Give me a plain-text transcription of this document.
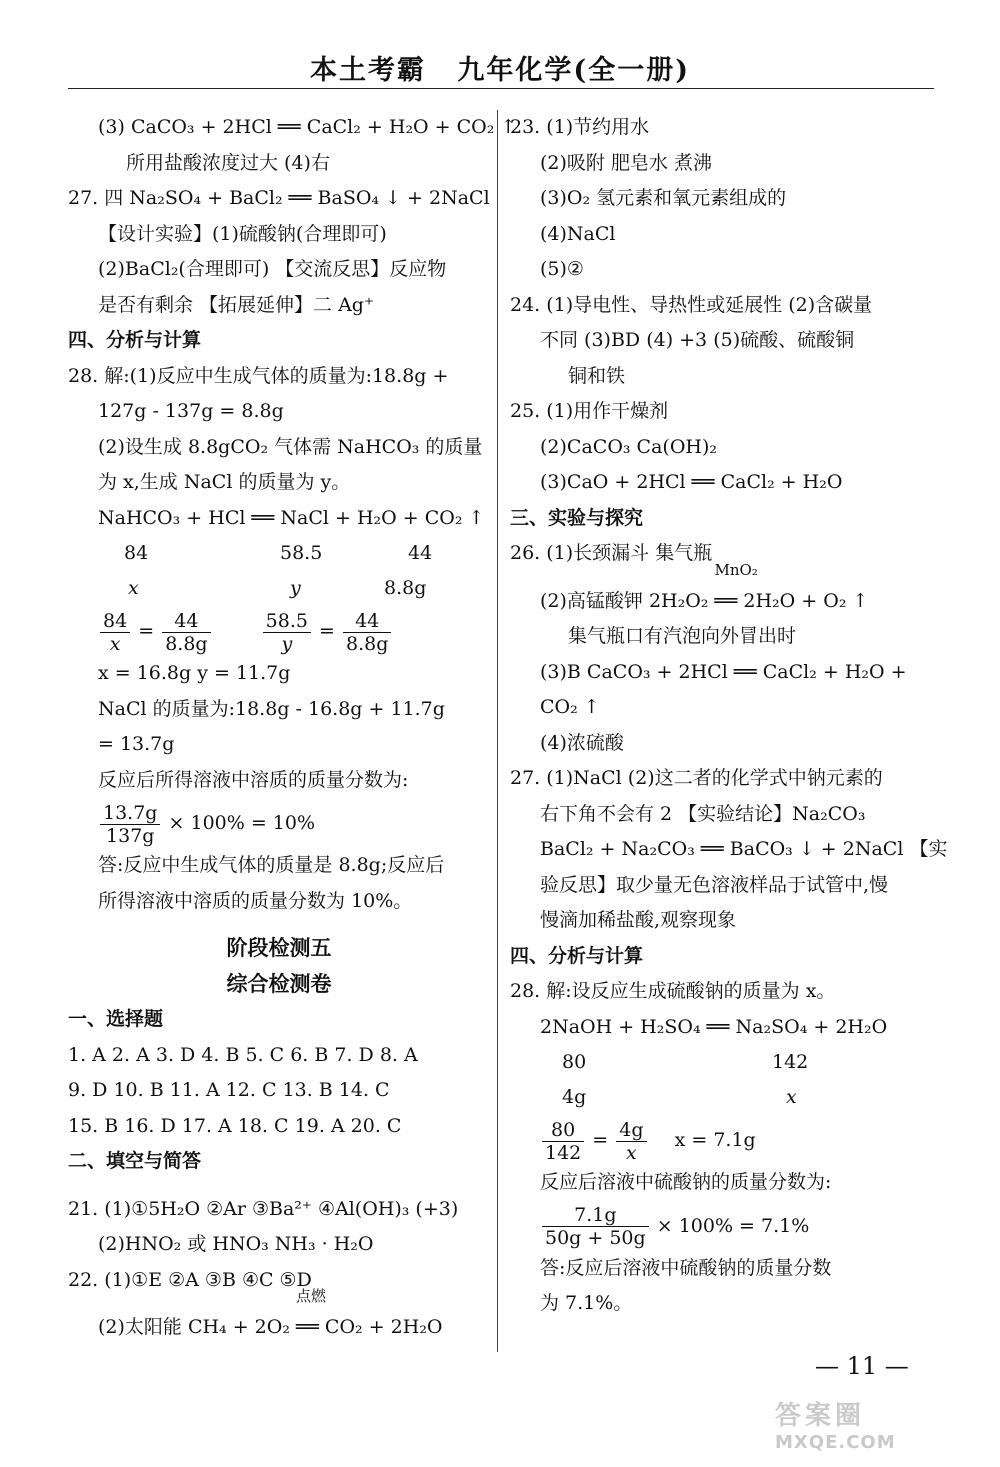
本土考霸 九年化学(全一册)
(3) CaCO₃ + 2HCl ══ CaCl₂ + H₂O + CO₂ ↑
所用盐酸浓度过大 (4)右
27. 四 Na₂SO₄ + BaCl₂ ══ BaSO₄ ↓ + 2NaCl
【设计实验】(1)硫酸钠(合理即可)
(2)BaCl₂(合理即可) 【交流反思】反应物
是否有剩余 【拓展延伸】二 Ag⁺
四、分析与计算
28. 解:(1)反应中生成气体的质量为:18.8g +
127g - 137g = 8.8g
(2)设生成 8.8gCO₂ 气体需 NaHCO₃ 的质量
为 x,生成 NaCl 的质量为 y。
NaHCO₃ + HCl ══ NaCl + H₂O + CO₂ ↑
84	58.5	44
x	y	8.8g
$\frac{84}{x} = \frac{44}{8.8g}$
	$\frac{58.5}{y} = \frac{44}{8.8g}$
x = 16.8g y = 11.7g
NaCl 的质量为:18.8g - 16.8g + 11.7g
= 13.7g
反应后所得溶液中溶质的质量分数为:
$\frac{13.7g}{137g} \times 100\% = 10\%$
答:反应中生成气体的质量是 8.8g;反应后
所得溶液中溶质的质量分数为 10%。
阶段检测五
综合检测卷
一、选择题
1. A 2. A 3. D 4. B 5. C 6. B 7. D 8. A
9. D 10. B 11. A 12. C 13. B 14. C
15. B 16. D 17. A 18. C 19. A 20. C
二、填空与简答
21. (1)①5H₂O ②Ar ③Ba²⁺ ④Al(OH)₃ (+3)
(2)HNO₂ 或 HNO₃ NH₃ · H₂O
22. (1)①E ②A ③B ④C ⑤D
(2)太阳能 CH₄ + 2O₂
点燃
══ CO₂ + 2H₂O
23. (1)节约用水
(2)吸附 肥皂水 煮沸
(3)O₂ 氢元素和氧元素组成的
(4)NaCl
(5)②
24. (1)导电性、导热性或延展性 (2)含碳量
不同 (3)BD (4) +3 (5)硫酸、硫酸铜
铜和铁
25. (1)用作干燥剂
(2)CaCO₃ Ca(OH)₂
(3)CaO + 2HCl ══ CaCl₂ + H₂O
三、实验与探究
26. (1)长颈漏斗 集气瓶
(2)高锰酸钾 2H₂O₂
MnO₂
══ 2H₂O + O₂ ↑
集气瓶口有汽泡向外冒出时
(3)B CaCO₃ + 2HCl ══ CaCl₂ + H₂O +
CO₂ ↑
(4)浓硫酸
27. (1)NaCl (2)这二者的化学式中钠元素的
右下角不会有 2 【实验结论】Na₂CO₃
BaCl₂ + Na₂CO₃ ══ BaCO₃ ↓ + 2NaCl 【实
验反思】取少量无色溶液样品于试管中,慢
慢滴加稀盐酸,观察现象
四、分析与计算
28. 解:设反应生成硫酸钠的质量为 x。
2NaOH + H₂SO₄ ══ Na₂SO₄ + 2H₂O
80	142
4g	x
$\frac{80}{142} = \frac{4g}{x}$ x = 7.1g
反应后溶液中硫酸钠的质量分数为:
$\frac{7.1g}{50g + 50g} \times 100\% = 7.1\%$
答:反应后溶液中硫酸钠的质量分数
为 7.1%。
— 11 —
答案圈
MXQE.COM
